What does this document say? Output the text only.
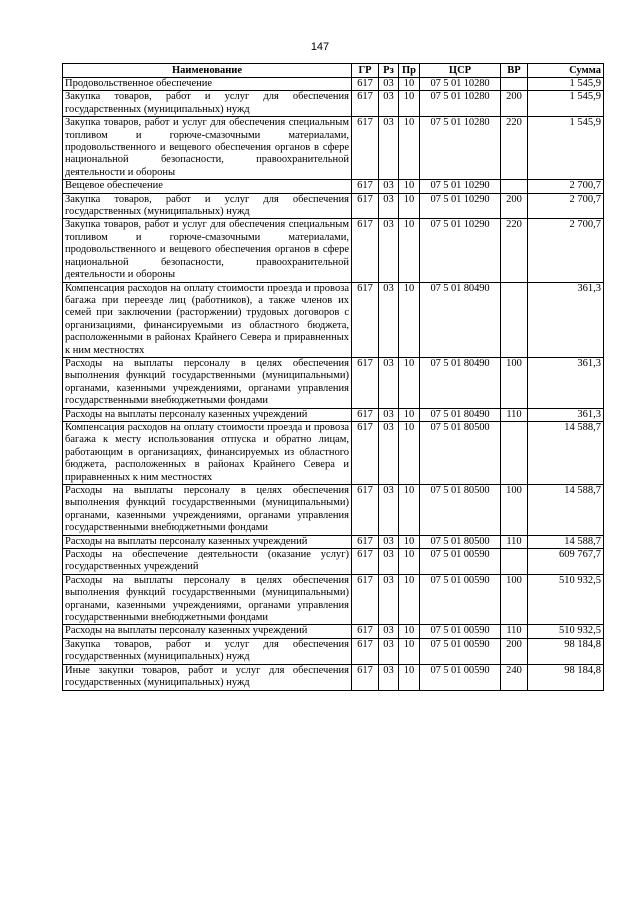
147
Наименование	ГР	Рз	Пр	ЦСР	ВР	Сумма
Продовольственное обеспечение	617	03	10	07 5 01 10280		1 545,9
Закупка товаров, работ и услуг для обеспечения государственных (муниципальных) нужд	617	03	10	07 5 01 10280	200	1 545,9
Закупка товаров, работ и услуг для обеспечения специальным топливом и горюче-смазочными материалами, продовольственного и вещевого обеспечения органов в сфере национальной безопасности, правоохранительной деятельности и обороны	617	03	10	07 5 01 10280	220	1 545,9
Вещевое обеспечение	617	03	10	07 5 01 10290		2 700,7
Закупка товаров, работ и услуг для обеспечения государственных (муниципальных) нужд	617	03	10	07 5 01 10290	200	2 700,7
Закупка товаров, работ и услуг для обеспечения специальным топливом и горюче-смазочными материалами, продовольственного и вещевого обеспечения органов в сфере национальной безопасности, правоохранительной деятельности и обороны	617	03	10	07 5 01 10290	220	2 700,7
Компенсация расходов на оплату стоимости проезда и провоза багажа при переезде лиц (работников), а также членов их семей при заключении (расторжении) трудовых договоров с организациями, финансируемыми из областного бюджета, расположенными в районах Крайнего Севера и приравненных к ним местностях	617	03	10	07 5 01 80490		361,3
Расходы на выплаты персоналу в целях обеспечения выполнения функций государственными (муниципальными) органами, казенными учреждениями, органами управления государственными внебюджетными фондами	617	03	10	07 5 01 80490	100	361,3
Расходы на выплаты персоналу казенных учреждений	617	03	10	07 5 01 80490	110	361,3
Компенсация расходов на оплату стоимости проезда и провоза багажа к месту использования отпуска и обратно лицам, работающим в организациях, финансируемых из областного бюджета, расположенных в районах Крайнего Севера и приравненных к ним местностях	617	03	10	07 5 01 80500		14 588,7
Расходы на выплаты персоналу в целях обеспечения выполнения функций государственными (муниципальными) органами, казенными учреждениями, органами управления государственными внебюджетными фондами	617	03	10	07 5 01 80500	100	14 588,7
Расходы на выплаты персоналу казенных учреждений	617	03	10	07 5 01 80500	110	14 588,7
Расходы на обеспечение деятельности (оказание услуг) государственных учреждений	617	03	10	07 5 01 00590		609 767,7
Расходы на выплаты персоналу в целях обеспечения выполнения функций государственными (муниципальными) органами, казенными учреждениями, органами управления государственными внебюджетными фондами	617	03	10	07 5 01 00590	100	510 932,5
Расходы на выплаты персоналу казенных учреждений	617	03	10	07 5 01 00590	110	510 932,5
Закупка товаров, работ и услуг для обеспечения государственных (муниципальных) нужд	617	03	10	07 5 01 00590	200	98 184,8
Иные закупки товаров, работ и услуг для обеспечения государственных (муниципальных) нужд	617	03	10	07 5 01 00590	240	98 184,8
